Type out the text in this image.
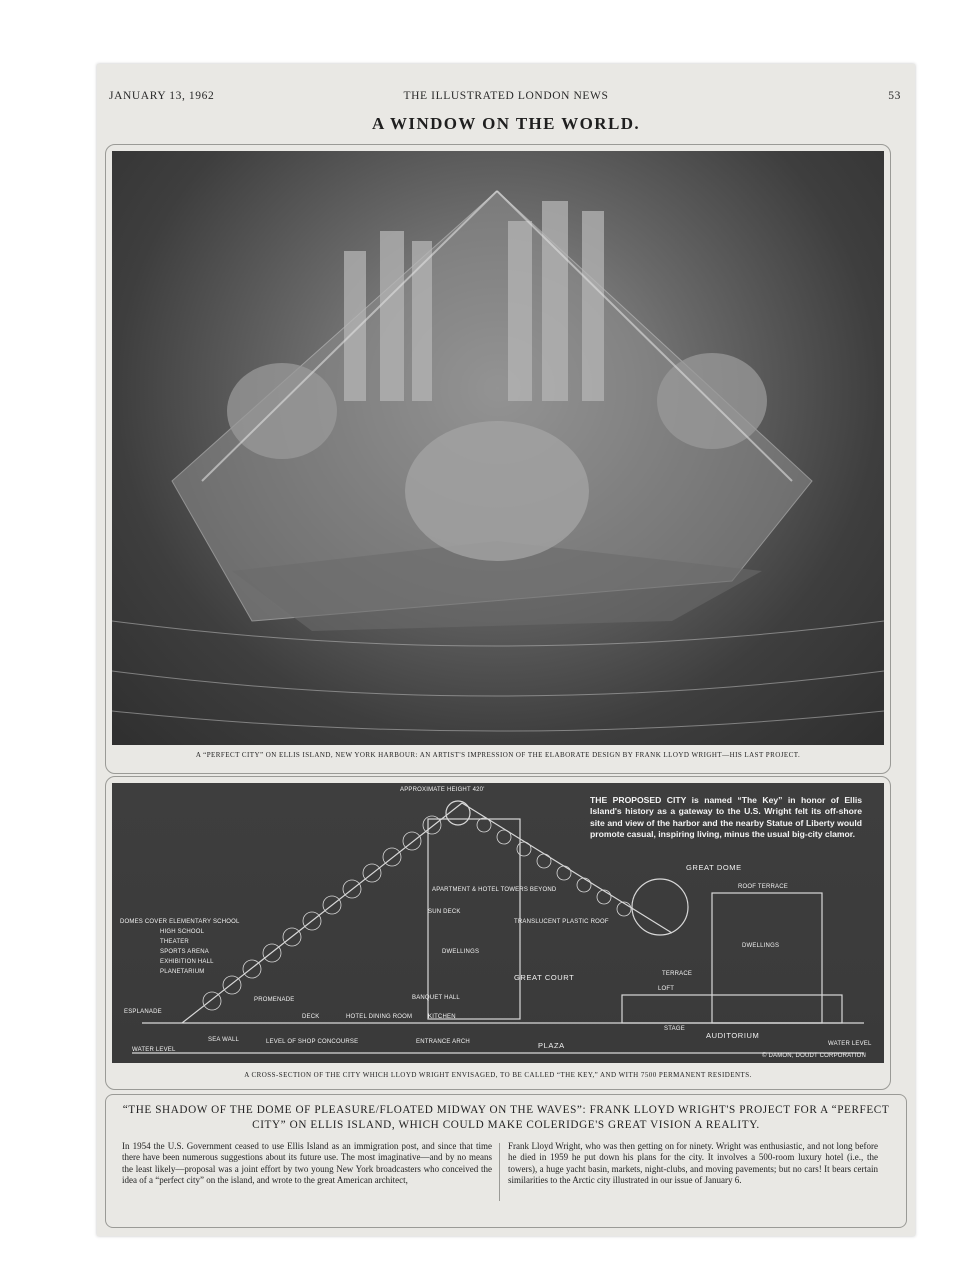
JANUARY 13, 1962	THE ILLUSTRATED LONDON NEWS	53
A WINDOW ON THE WORLD.
A “PERFECT CITY” ON ELLIS ISLAND, NEW YORK HARBOUR: AN ARTIST'S IMPRESSION OF THE ELABORATE DESIGN BY FRANK LLOYD WRIGHT—HIS LAST PROJECT.
APPROXIMATE HEIGHT 420'
THE PROPOSED CITY is named “The Key” in honor of Ellis Island's history as a gateway to the U.S. Wright felt its off-shore site and view of the harbor and the nearby Statue of Liberty would promote casual, inspiring living, minus the usual big-city clamor.
GREAT DOME
ROOF TERRACE
APARTMENT & HOTEL TOWERS BEYOND
SUN DECK
TRANSLUCENT PLASTIC ROOF
DWELLINGS
DWELLINGS
GREAT COURT	TERRACE
LOFT
DOMES COVER ELEMENTARY SCHOOL
HIGH SCHOOL
THEATER
SPORTS ARENA
EXHIBITION HALL
PLANETARIUM
ESPLANADE
PROMENADE	BANQUET HALL
DECK	HOTEL DINING ROOM	KITCHEN
STAGE
AUDITORIUM
WATER LEVEL
SEA WALL	LEVEL OF SHOP CONCOURSE	ENTRANCE ARCH	PLAZA	WATER LEVEL
© DAMON, DOUDT CORPORATION
A CROSS-SECTION OF THE CITY WHICH LLOYD WRIGHT ENVISAGED, TO BE CALLED “THE KEY,” AND WITH 7500 PERMANENT RESIDENTS.
“THE SHADOW OF THE DOME OF PLEASURE/FLOATED MIDWAY ON THE WAVES”: FRANK LLOYD WRIGHT'S PROJECT FOR A “PERFECT CITY” ON ELLIS ISLAND, WHICH COULD MAKE COLERIDGE'S GREAT VISION A REALITY.
In 1954 the U.S. Government ceased to use Ellis Island as an immigration post, and since that time there have been numerous suggestions about its future use. The most imaginative—and by no means the least likely—proposal was a joint effort by two young New York broadcasters who conceived the idea of a “perfect city” on the island, and wrote to the great American architect,
Frank Lloyd Wright, who was then getting on for ninety. Wright was enthusiastic, and not long before he died in 1959 he put down his plans for the city. It involves a 500-room luxury hotel (i.e., the towers), a huge yacht basin, markets, night-clubs, and moving pavements; but no cars! It bears certain similarities to the Arctic city illustrated in our issue of January 6.
